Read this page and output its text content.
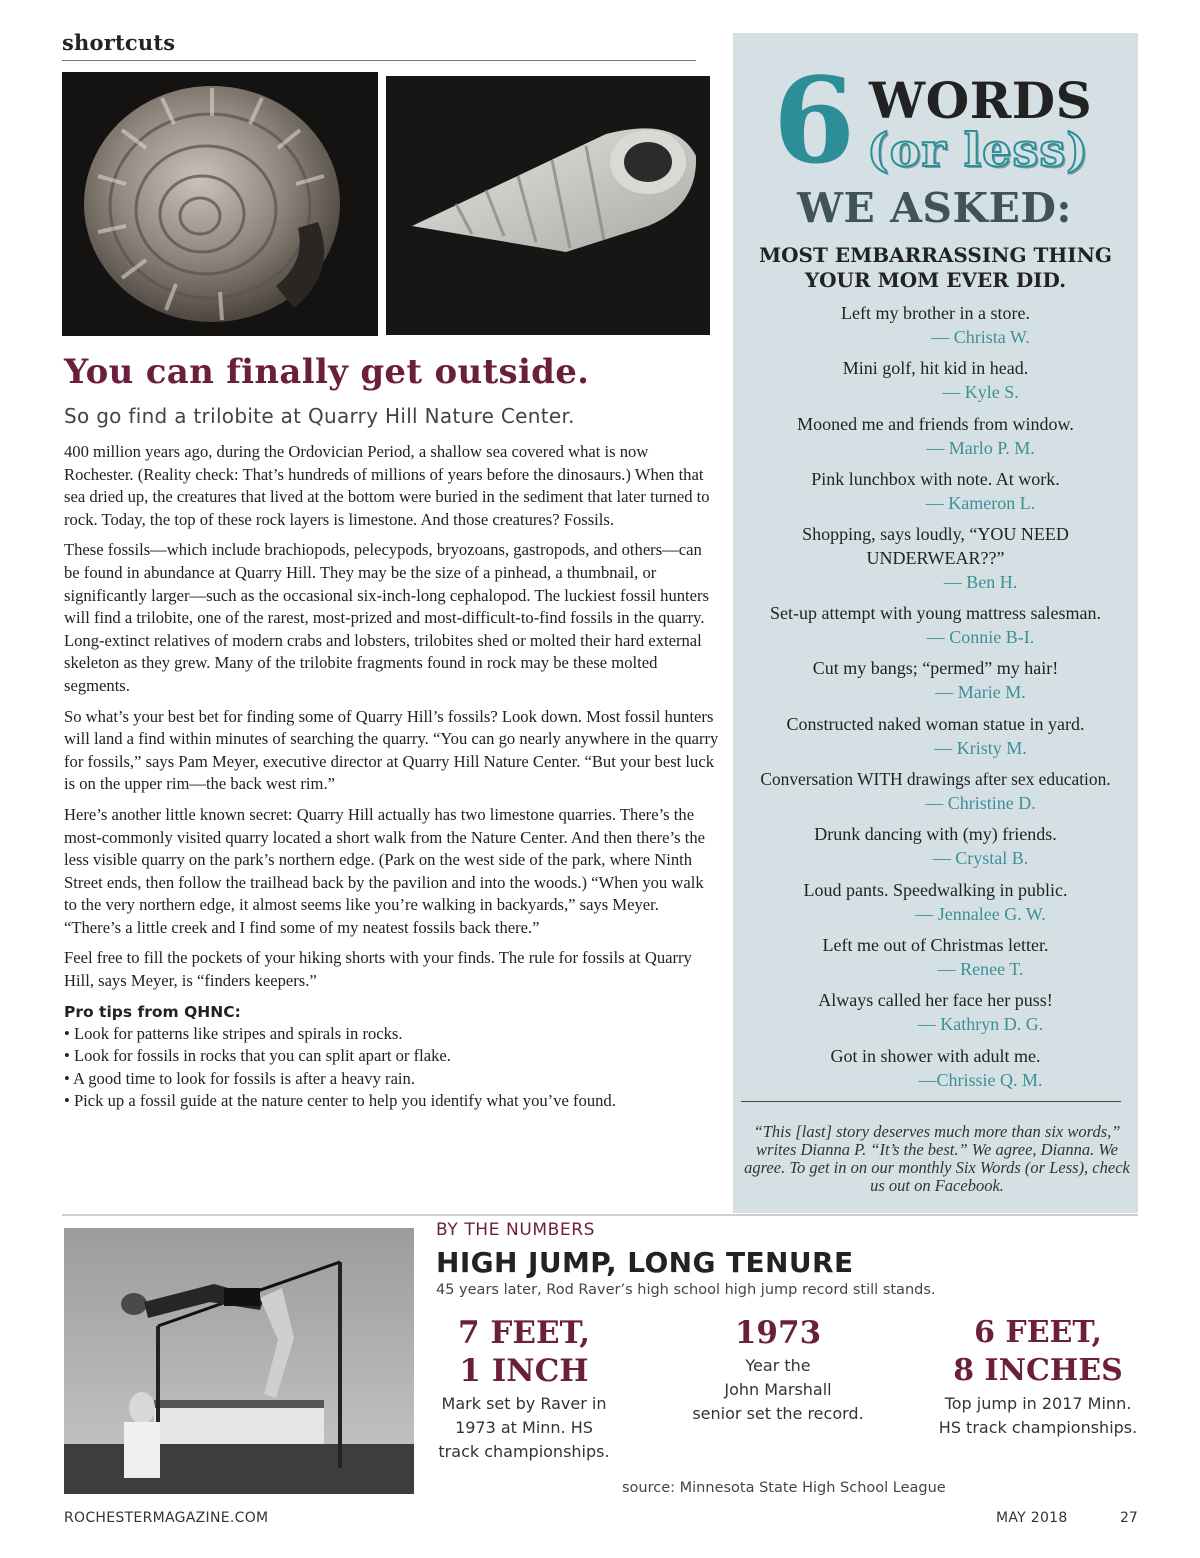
shortcuts
You can finally get outside.
So go find a trilobite at Quarry Hill Nature Center.

400 million years ago, during the Ordovician Period, a shallow sea covered what is now Rochester. (Reality check: That’s hundreds of millions of years before the dinosaurs.) When that sea dried up, the creatures that lived at the bottom were buried in the sediment that later turned to rock. Today, the top of these rock layers is limestone. And those creatures? Fossils.

These fossils—which include brachiopods, pelecypods, bryozoans, gastropods, and others—can be found in abundance at Quarry Hill. They may be the size of a pinhead, a thumbnail, or significantly larger—such as the occasional six-inch-long cephalopod. The luckiest fossil hunters will find a trilobite, one of the rarest, most-prized and most-difficult-to-find fossils in the quarry. Long-extinct relatives of modern crabs and lobsters, trilobites shed or molted their hard external skeleton as they grew. Many of the trilobite fragments found in rock may be these molted segments.

So what’s your best bet for finding some of Quarry Hill’s fossils? Look down. Most fossil hunters will land a find within minutes of searching the quarry. “You can go nearly anywhere in the quarry for fossils,” says Pam Meyer, executive director at Quarry Hill Nature Center. “But your best luck is on the upper rim—the back west rim.”

Here’s another little known secret: Quarry Hill actually has two limestone quarries. There’s the most-commonly visited quarry located a short walk from the Nature Center. And then there’s the less visible quarry on the park’s northern edge. (Park on the west side of the park, where Ninth Street ends, then follow the trailhead back by the pavilion and into the woods.) “When you walk to the very northern edge, it almost seems like you’re walking in backyards,” says Meyer. “There’s a little creek and I find some of my neatest fossils back there.”

Feel free to fill the pockets of your hiking shorts with your finds. The rule for fossils at Quarry Hill, says Meyer, is “finders keepers.”

Pro tips from QHNC:
• Look for patterns like stripes and spirals in rocks.
• Look for fossils in rocks that you can split apart or flake.
• A good time to look for fossils is after a heavy rain.
• Pick up a fossil guide at the nature center to help you identify what you’ve found.
6 WORDS
(or less)
WE ASKED:
MOST EMBARRASSING THING
YOUR MOM EVER DID.
Left my brother in a store.
— Christa W.
Mini golf, hit kid in head.
— Kyle S.
Mooned me and friends from window.
— Marlo P. M.
Pink lunchbox with note. At work.
— Kameron L.
Shopping, says loudly, “YOU NEED UNDERWEAR??”
— Ben H.
Set-up attempt with young mattress salesman.
— Connie B-I.
Cut my bangs; “permed” my hair!
— Marie M.
Constructed naked woman statue in yard.
— Kristy M.
Conversation WITH drawings after sex education.
— Christine D.
Drunk dancing with (my) friends.
— Crystal B.
Loud pants. Speedwalking in public.
— Jennalee G. W.
Left me out of Christmas letter.
— Renee T.
Always called her face her puss!
— Kathryn D. G.
Got in shower with adult me.
—Chrissie Q. M.
“This [last] story deserves much more than six words,” writes Dianna P. “It’s the best.” We agree, Dianna. We agree. To get in on our monthly Six Words (or Less), check us out on Facebook.
BY THE NUMBERS
HIGH JUMP, LONG TENURE
45 years later, Rod Raver’s high school high jump record still stands.
7 FEET,
1 INCH
Mark set by Raver in
1973 at Minn. HS
track championships.
1973
Year the
John Marshall
senior set the record.
6 FEET,
8 INCHES
Top jump in 2017 Minn.
HS track championships.
source: Minnesota State High School League
ROCHESTERMAGAZINE.COM	MAY 2018	27
